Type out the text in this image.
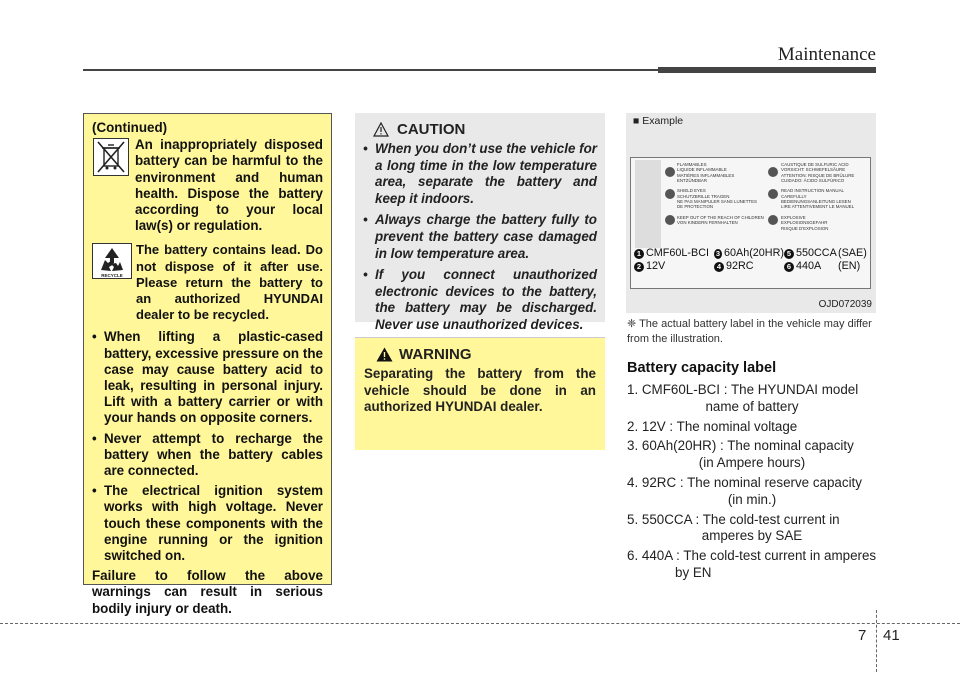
Maintenance
(Continued)
An inappropriately disposed battery can be harmful to the environment and human health. Dispose the battery according to your local law(s) or regulation.
RECYCLE
The battery contains lead. Do not dispose of it after use. Please return the battery to an authorized HYUNDAI dealer to be recycled.
• When lifting a plastic-cased battery, excessive pressure on the case may cause battery acid to leak, resulting in personal injury. Lift with a battery carrier or with your hands on opposite corners.
• Never attempt to recharge the battery when the battery cables are connected.
• The electrical ignition system works with high voltage. Never touch these components with the engine running or the ignition switched on.
Failure to follow the above warnings can result in serious bodily injury or death.
CAUTION
• When you don’t use the vehicle for a long time in the low temperature area, separate the battery and keep it indoors.
• Always charge the battery fully to prevent the battery case damaged in low temperature area.
• If you connect unauthorized electronic devices to the battery, the battery may be discharged. Never use unauthorized devices.
WARNING
Separating the battery from the vehicle should be done in an authorized HYUNDAI dealer.
■ Example
FLAMMABLES
LIQUIDE INFLAMMABLE
MATIÈRES INFLAMMABLES
ENTZÜNDBAR

SHIELD EYES
SCHUTZBRILLE TRAGEN
NE PAS MANIPULER SANS LUNETTES
DE PROTECTION

KEEP OUT OF THE REACH OF CHILDREN
VON KINDERN FERNHALTEN
CAUSTIQUE DE SULFURIC ACID
VORSICHT: SCHWEFELSÄURE
ATTENTION: RISQUE DE BRÛLURE
CUIDADO: ÁCIDO SULFÚRICO

READ INSTRUCTION MANUAL CAREFULLY
BEDIENUNGSANLEITUNG LESEN
LIRE ATTENTIVEMENT LE MANUEL

EXPLOSIVE
EXPLOSIONSGEFAHR
RISQUE D'EXPLOSION
1 CMF60L-BCI 3 60Ah(20HR) 5 550CCA (SAE)
2 12V	4 92RC	6 440A (EN)
OJD072039
❈ The actual battery label in the vehicle may differ from the illustration.
Battery capacity label
1. CMF60L-BCI : The HYUNDAI model
name of battery
2. 12V : The nominal voltage
3. 60Ah(20HR) : The nominal capacity
(in Ampere hours)
4. 92RC : The nominal reserve capacity
(in min.)
5. 550CCA : The cold-test current in
amperes by SAE
6. 440A : The cold-test current in amperes
by EN
7 41
